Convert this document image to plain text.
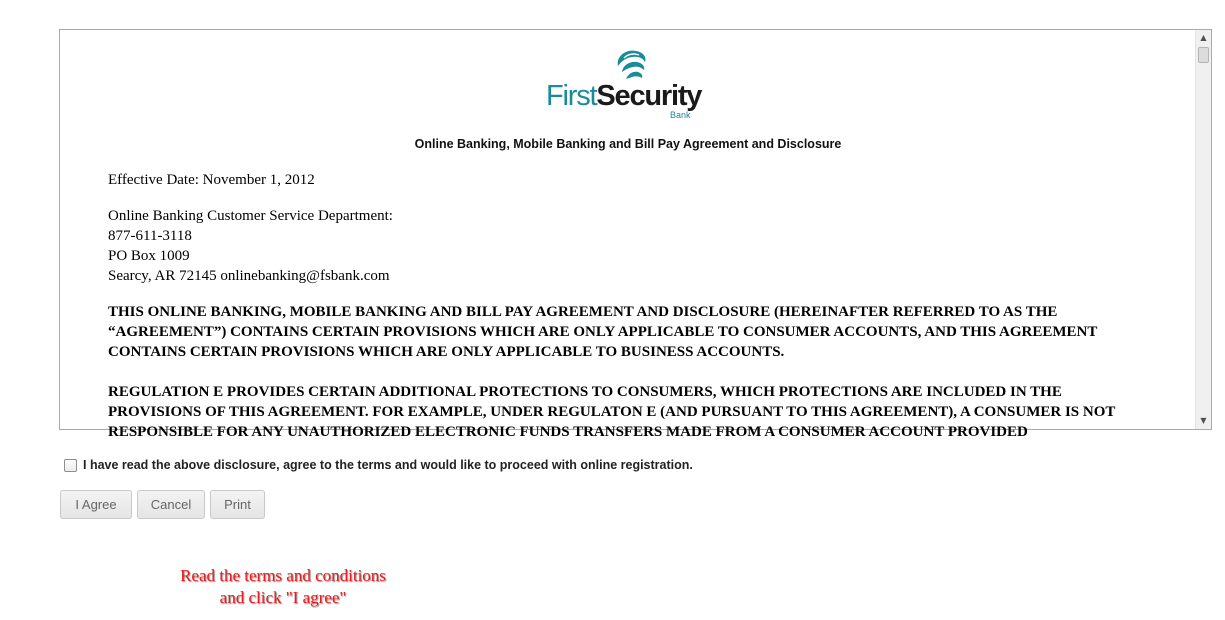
FirstSecurity
Bank
Online Banking, Mobile Banking and Bill Pay Agreement and Disclosure
Effective Date: November 1, 2012
Online Banking Customer Service Department:
877-611-3118
PO Box 1009
Searcy, AR 72145 onlinebanking@fsbank.com
THIS ONLINE BANKING, MOBILE BANKING AND BILL PAY AGREEMENT AND DISCLOSURE (HEREINAFTER REFERRED TO AS THE “AGREEMENT”) CONTAINS CERTAIN PROVISIONS WHICH ARE ONLY APPLICABLE TO CONSUMER ACCOUNTS, AND THIS AGREEMENT CONTAINS CERTAIN PROVISIONS WHICH ARE ONLY APPLICABLE TO BUSINESS ACCOUNTS.
REGULATION E PROVIDES CERTAIN ADDITIONAL PROTECTIONS TO CONSUMERS, WHICH PROTECTIONS ARE INCLUDED IN THE PROVISIONS OF THIS AGREEMENT. FOR EXAMPLE, UNDER REGULATON E (AND PURSUANT TO THIS AGREEMENT), A CONSUMER IS NOT RESPONSIBLE FOR ANY UNAUTHORIZED ELECTRONIC FUNDS TRANSFERS MADE FROM A CONSUMER ACCOUNT PROVIDED
▲
▼
I have read the above disclosure, agree to the terms and would like to proceed with online registration.
I Agree	Cancel	Print
Read the terms and conditions
and click "I agree"
